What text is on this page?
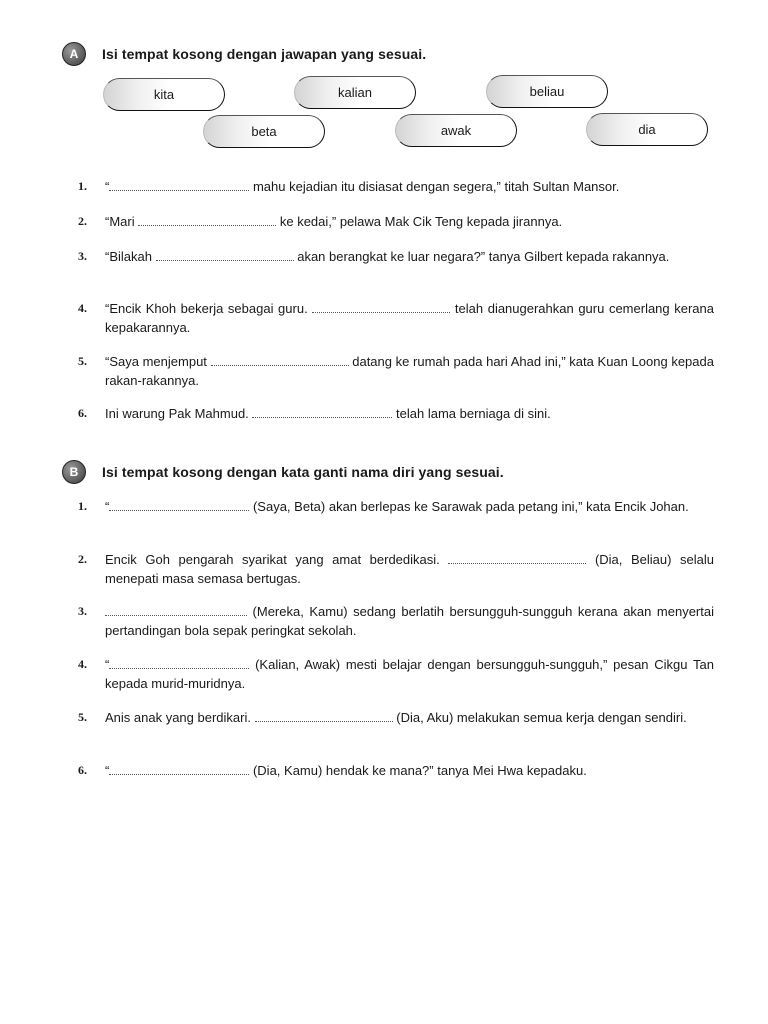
A	Isi tempat kosong dengan jawapan yang sesuai.
kita	kalian	beliau
beta	awak	dia
1.	“	mahu kejadian itu disiasat dengan segera,” titah Sultan Mansor.
2.	“Mari	ke kedai,” pelawa Mak Cik Teng kepada jirannya.
3.	“Bilakah	akan berangkat ke luar negara?” tanya Gilbert kepada rakannya.
4.	“Encik Khoh bekerja sebagai guru.	telah dianugerahkan guru cemerlang kerana kepakarannya.
5.	“Saya menjemput	datang ke rumah pada hari Ahad ini,” kata Kuan Loong kepada rakan-rakannya.
6.	Ini warung Pak Mahmud.	telah lama berniaga di sini.
B	Isi tempat kosong dengan kata ganti nama diri yang sesuai.
1.	“	(Saya, Beta) akan berlepas ke Sarawak pada petang ini,” kata Encik Johan.
2.	Encik Goh pengarah syarikat yang amat berdedikasi.	(Dia, Beliau) selalu menepati masa semasa bertugas.
3.	(Mereka, Kamu) sedang berlatih bersungguh-sungguh kerana akan menyertai pertandingan bola sepak peringkat sekolah.
4.	“	(Kalian, Awak) mesti belajar dengan bersungguh-sungguh,” pesan Cikgu Tan kepada murid-muridnya.
5.	Anis anak yang berdikari.	(Dia, Aku) melakukan semua kerja dengan sendiri.
6.	“	(Dia, Kamu) hendak ke mana?” tanya Mei Hwa kepadaku.
